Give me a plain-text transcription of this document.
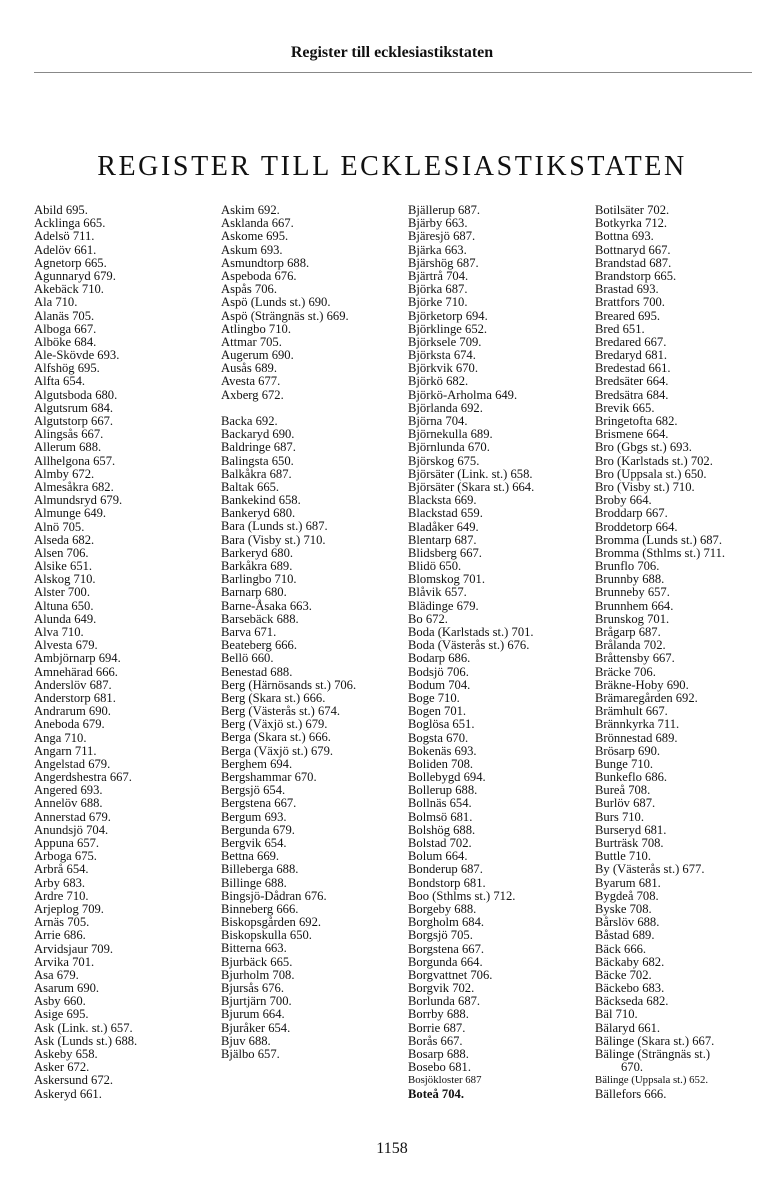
Register till ecklesiastikstaten
REGISTER TILL ECKLESIASTIKSTATEN
Abild 695.
Acklinga 665.
Adelsö 711.
Adelöv 661.
Agnetorp 665.
Agunnaryd 679.
Akebäck 710.
Ala 710.
Alanäs 705.
Alboga 667.
Alböke 684.
Ale-Skövde 693.
Alfshög 695.
Alfta 654.
Algutsboda 680.
Algutsrum 684.
Algutstorp 667.
Alingsås 667.
Allerum 688.
Allhelgona 657.
Almby 672.
Almesåkra 682.
Almundsryd 679.
Almunge 649.
Alnö 705.
Alseda 682.
Alsen 706.
Alsike 651.
Alskog 710.
Alster 700.
Altuna 650.
Alunda 649.
Alva 710.
Alvesta 679.
Ambjörnarp 694.
Amnehärad 666.
Anderslöv 687.
Anderstorp 681.
Andrarum 690.
Aneboda 679.
Anga 710.
Angarn 711.
Angelstad 679.
Angerdshestra 667.
Angered 693.
Annelöv 688.
Annerstad 679.
Anundsjö 704.
Appuna 657.
Arboga 675.
Arbrå 654.
Arby 683.
Ardre 710.
Arjeplog 709.
Arnäs 705.
Arrie 686.
Arvidsjaur 709.
Arvika 701.
Asa 679.
Asarum 690.
Asby 660.
Asige 695.
Ask (Link. st.) 657.
Ask (Lunds st.) 688.
Askeby 658.
Asker 672.
Askersund 672.
Askeryd 661.
Askim 692.
Asklanda 667.
Askome 695.
Askum 693.
Asmundtorp 688.
Aspeboda 676.
Aspås 706.
Aspö (Lunds st.) 690.
Aspö (Strängnäs st.) 669.
Atlingbo 710.
Attmar 705.
Augerum 690.
Ausås 689.
Avesta 677.
Axberg 672.
Backa 692.
Backaryd 690.
Baldringe 687.
Balingsta 650.
Balkåkra 687.
Baltak 665.
Bankekind 658.
Bankeryd 680.
Bara (Lunds st.) 687.
Bara (Visby st.) 710.
Barkeryd 680.
Barkåkra 689.
Barlingbo 710.
Barnarp 680.
Barne-Åsaka 663.
Barsebäck 688.
Barva 671.
Beateberg 666.
Bellö 660.
Benestad 688.
Berg (Härnösands st.) 706.
Berg (Skara st.) 666.
Berg (Västerås st.) 674.
Berg (Växjö st.) 679.
Berga (Skara st.) 666.
Berga (Växjö st.) 679.
Berghem 694.
Bergshammar 670.
Bergsjö 654.
Bergstena 667.
Bergum 693.
Bergunda 679.
Bergvik 654.
Bettna 669.
Billeberga 688.
Billinge 688.
Bingsjö-Dådran 676.
Binneberg 666.
Biskopsgården 692.
Biskopskulla 650.
Bitterna 663.
Bjurbäck 665.
Bjurholm 708.
Bjursås 676.
Bjurtjärn 700.
Bjurum 664.
Bjuråker 654.
Bjuv 688.
Bjälbo 657.
Bjällerup 687.
Bjärby 663.
Bjäresjö 687.
Bjärka 663.
Bjärshög 687.
Bjärtrå 704.
Björka 687.
Björke 710.
Björketorp 694.
Björklinge 652.
Björksele 709.
Björksta 674.
Björkvik 670.
Björkö 682.
Björkö-Arholma 649.
Björlanda 692.
Björna 704.
Björnekulla 689.
Björnlunda 670.
Björskog 675.
Björsäter (Link. st.) 658.
Björsäter (Skara st.) 664.
Blacksta 669.
Blackstad 659.
Bladåker 649.
Blentarp 687.
Blidsberg 667.
Blidö 650.
Blomskog 701.
Blåvik 657.
Blädinge 679.
Bo 672.
Boda (Karlstads st.) 701.
Boda (Västerås st.) 676.
Bodarp 686.
Bodsjö 706.
Bodum 704.
Boge 710.
Bogen 701.
Boglösa 651.
Bogsta 670.
Bokenäs 693.
Boliden 708.
Bollebygd 694.
Bollerup 688.
Bollnäs 654.
Bolmsö 681.
Bolshög 688.
Bolstad 702.
Bolum 664.
Bonderup 687.
Bondstorp 681.
Boo (Sthlms st.) 712.
Borgeby 688.
Borgholm 684.
Borgsjö 705.
Borgstena 667.
Borgunda 664.
Borgvattnet 706.
Borgvik 702.
Borlunda 687.
Borrby 688.
Borrie 687.
Borås 667.
Bosarp 688.
Bosebo 681.
Bosjökloster 687
Boteå 704.
Botilsäter 702.
Botkyrka 712.
Bottna 693.
Bottnaryd 667.
Brandstad 687.
Brandstorp 665.
Brastad 693.
Brattfors 700.
Breared 695.
Bred 651.
Bredared 667.
Bredaryd 681.
Bredestad 661.
Bredsäter 664.
Bredsätra 684.
Brevik 665.
Bringetofta 682.
Brismene 664.
Bro (Gbgs st.) 693.
Bro (Karlstads st.) 702.
Bro (Uppsala st.) 650.
Bro (Visby st.) 710.
Broby 664.
Broddarp 667.
Broddetorp 664.
Bromma (Lunds st.) 687.
Bromma (Sthlms st.) 711.
Brunflo 706.
Brunnby 688.
Brunneby 657.
Brunnhem 664.
Brunskog 701.
Brågarp 687.
Brålanda 702.
Bråttensby 667.
Bräcke 706.
Bräkne-Hoby 690.
Brämaregården 692.
Brämhult 667.
Brännkyrka 711.
Brönnestad 689.
Brösarp 690.
Bunge 710.
Bunkeflo 686.
Bureå 708.
Burlöv 687.
Burs 710.
Burseryd 681.
Burträsk 708.
Buttle 710.
By (Västerås st.) 677.
Byarum 681.
Bygdeå 708.
Byske 708.
Bårslöv 688.
Båstad 689.
Bäck 666.
Bäckaby 682.
Bäcke 702.
Bäckebo 683.
Bäckseda 682.
Bäl 710.
Bälaryd 661.
Bälinge (Skara st.) 667.
Bälinge (Strängnäs st.)
670.
Bälinge (Uppsala st.) 652.
Bällefors 666.
1158
